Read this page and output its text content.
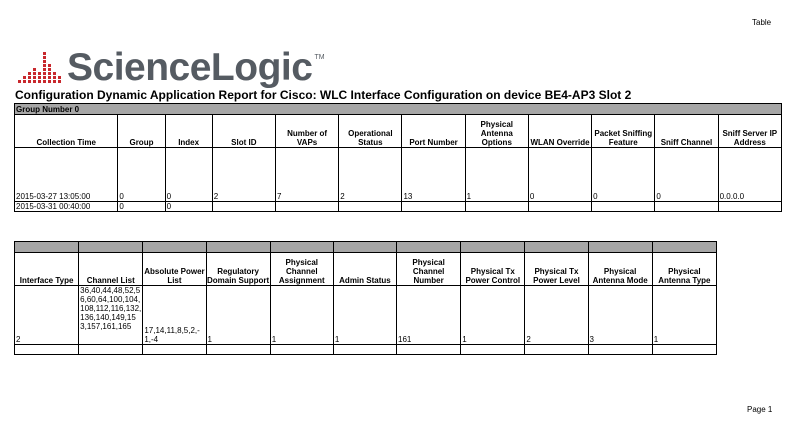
Table
ScienceLogic TM
Configuration Dynamic Application Report for Cisco: WLC Interface Configuration on device BE4-AP3 Slot 2
Group Number 0											
Collection Time	Group	Index	Slot ID	Number of VAPs	Operational Status	Port Number	Physical Antenna Options	WLAN Override	Packet Sniffing Feature	Sniff Channel	Sniff Server IP Address
2015-03-27 13:05:00	0	0	2	7	2	13	1	0	0	0	0.0.0.0
2015-03-31 00:40:00	0	0									

Interface Type	Channel List	Absolute Power List	Regulatory Domain Support	Physical Channel Assignment	Admin Status	Physical Channel Number	Physical Tx Power Control	Physical Tx Power Level	Physical Antenna Mode	Physical Antenna Type
2	36,40,44,48,52,56,60,64,100,104,108,112,116,132,136,140,149,153,157,161,165	17,14,11,8,5,2,-1,-4	1	1	1	161	1	2	3	1

Page 1
